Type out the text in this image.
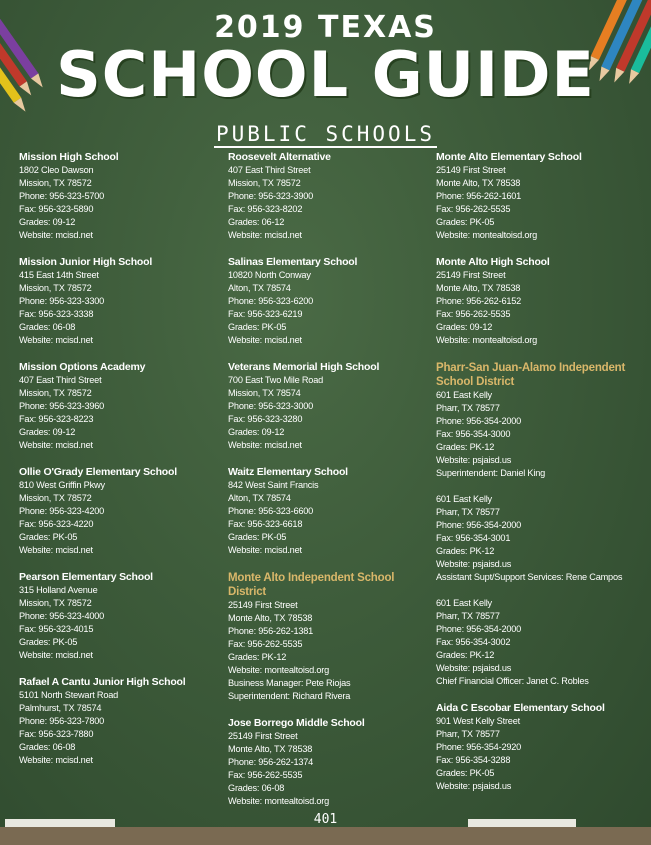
2019 TEXAS
SCHOOL GUIDE
PUBLIC SCHOOLS
Mission High School
1802 Cleo Dawson
Mission, TX 78572
Phone: 956-323-5700
Fax: 956-323-5890
Grades: 09-12
Website: mcisd.net
Mission Junior High School
415 East 14th Street
Mission, TX 78572
Phone: 956-323-3300
Fax: 956-323-3338
Grades: 06-08
Website: mcisd.net
Mission Options Academy
407 East Third Street
Mission, TX 78572
Phone: 956-323-3960
Fax: 956-323-8223
Grades: 09-12
Website: mcisd.net
Ollie O'Grady Elementary School
810 West Griffin Pkwy
Mission, TX 78572
Phone: 956-323-4200
Fax: 956-323-4220
Grades: PK-05
Website: mcisd.net
Pearson Elementary School
315 Holland Avenue
Mission, TX 78572
Phone: 956-323-4000
Fax: 956-323-4015
Grades: PK-05
Website: mcisd.net
Rafael A Cantu Junior High School
5101 North Stewart Road
Palmhurst, TX 78574
Phone: 956-323-7800
Fax: 956-323-7880
Grades: 06-08
Website: mcisd.net
Roosevelt Alternative
407 East Third Street
Mission, TX 78572
Phone: 956-323-3900
Fax: 956-323-8202
Grades: 06-12
Website: mcisd.net
Salinas Elementary School
10820 North Conway
Alton, TX 78574
Phone: 956-323-6200
Fax: 956-323-6219
Grades: PK-05
Website: mcisd.net
Veterans Memorial High School
700 East Two Mile Road
Mission, TX 78574
Phone: 956-323-3000
Fax: 956-323-3280
Grades: 09-12
Website: mcisd.net
Waitz Elementary School
842 West Saint Francis
Alton, TX 78574
Phone: 956-323-6600
Fax: 956-323-6618
Grades: PK-05
Website: mcisd.net
Monte Alto Independent School District
25149 First Street
Monte Alto, TX 78538
Phone: 956-262-1381
Fax: 956-262-5535
Grades: PK-12
Website: montealtoisd.org
Business Manager: Pete Riojas
Superintendent: Richard Rivera
Jose Borrego Middle School
25149 First Street
Monte Alto, TX 78538
Phone: 956-262-1374
Fax: 956-262-5535
Grades: 06-08
Website: montealtoisd.org
Monte Alto Elementary School
25149 First Street
Monte Alto, TX 78538
Phone: 956-262-1601
Fax: 956-262-5535
Grades: PK-05
Website: montealtoisd.org
Monte Alto High School
25149 First Street
Monte Alto, TX 78538
Phone: 956-262-6152
Fax: 956-262-5535
Grades: 09-12
Website: montealtoisd.org
Pharr-San Juan-Alamo Independent School District
601 East Kelly
Pharr, TX 78577
Phone: 956-354-2000
Fax: 956-354-3000
Grades: PK-12
Website: psjaisd.us
Superintendent: Daniel King
601 East Kelly
Pharr, TX 78577
Phone: 956-354-2000
Fax: 956-354-3001
Grades: PK-12
Website: psjaisd.us
Assistant Supt/Support Services: Rene Campos
601 East Kelly
Pharr, TX 78577
Phone: 956-354-2000
Fax: 956-354-3002
Grades: PK-12
Website: psjaisd.us
Chief Financial Officer: Janet C. Robles
Aida C Escobar Elementary School
901 West Kelly Street
Pharr, TX 78577
Phone: 956-354-2920
Fax: 956-354-3288
Grades: PK-05
Website: psjaisd.us
401
